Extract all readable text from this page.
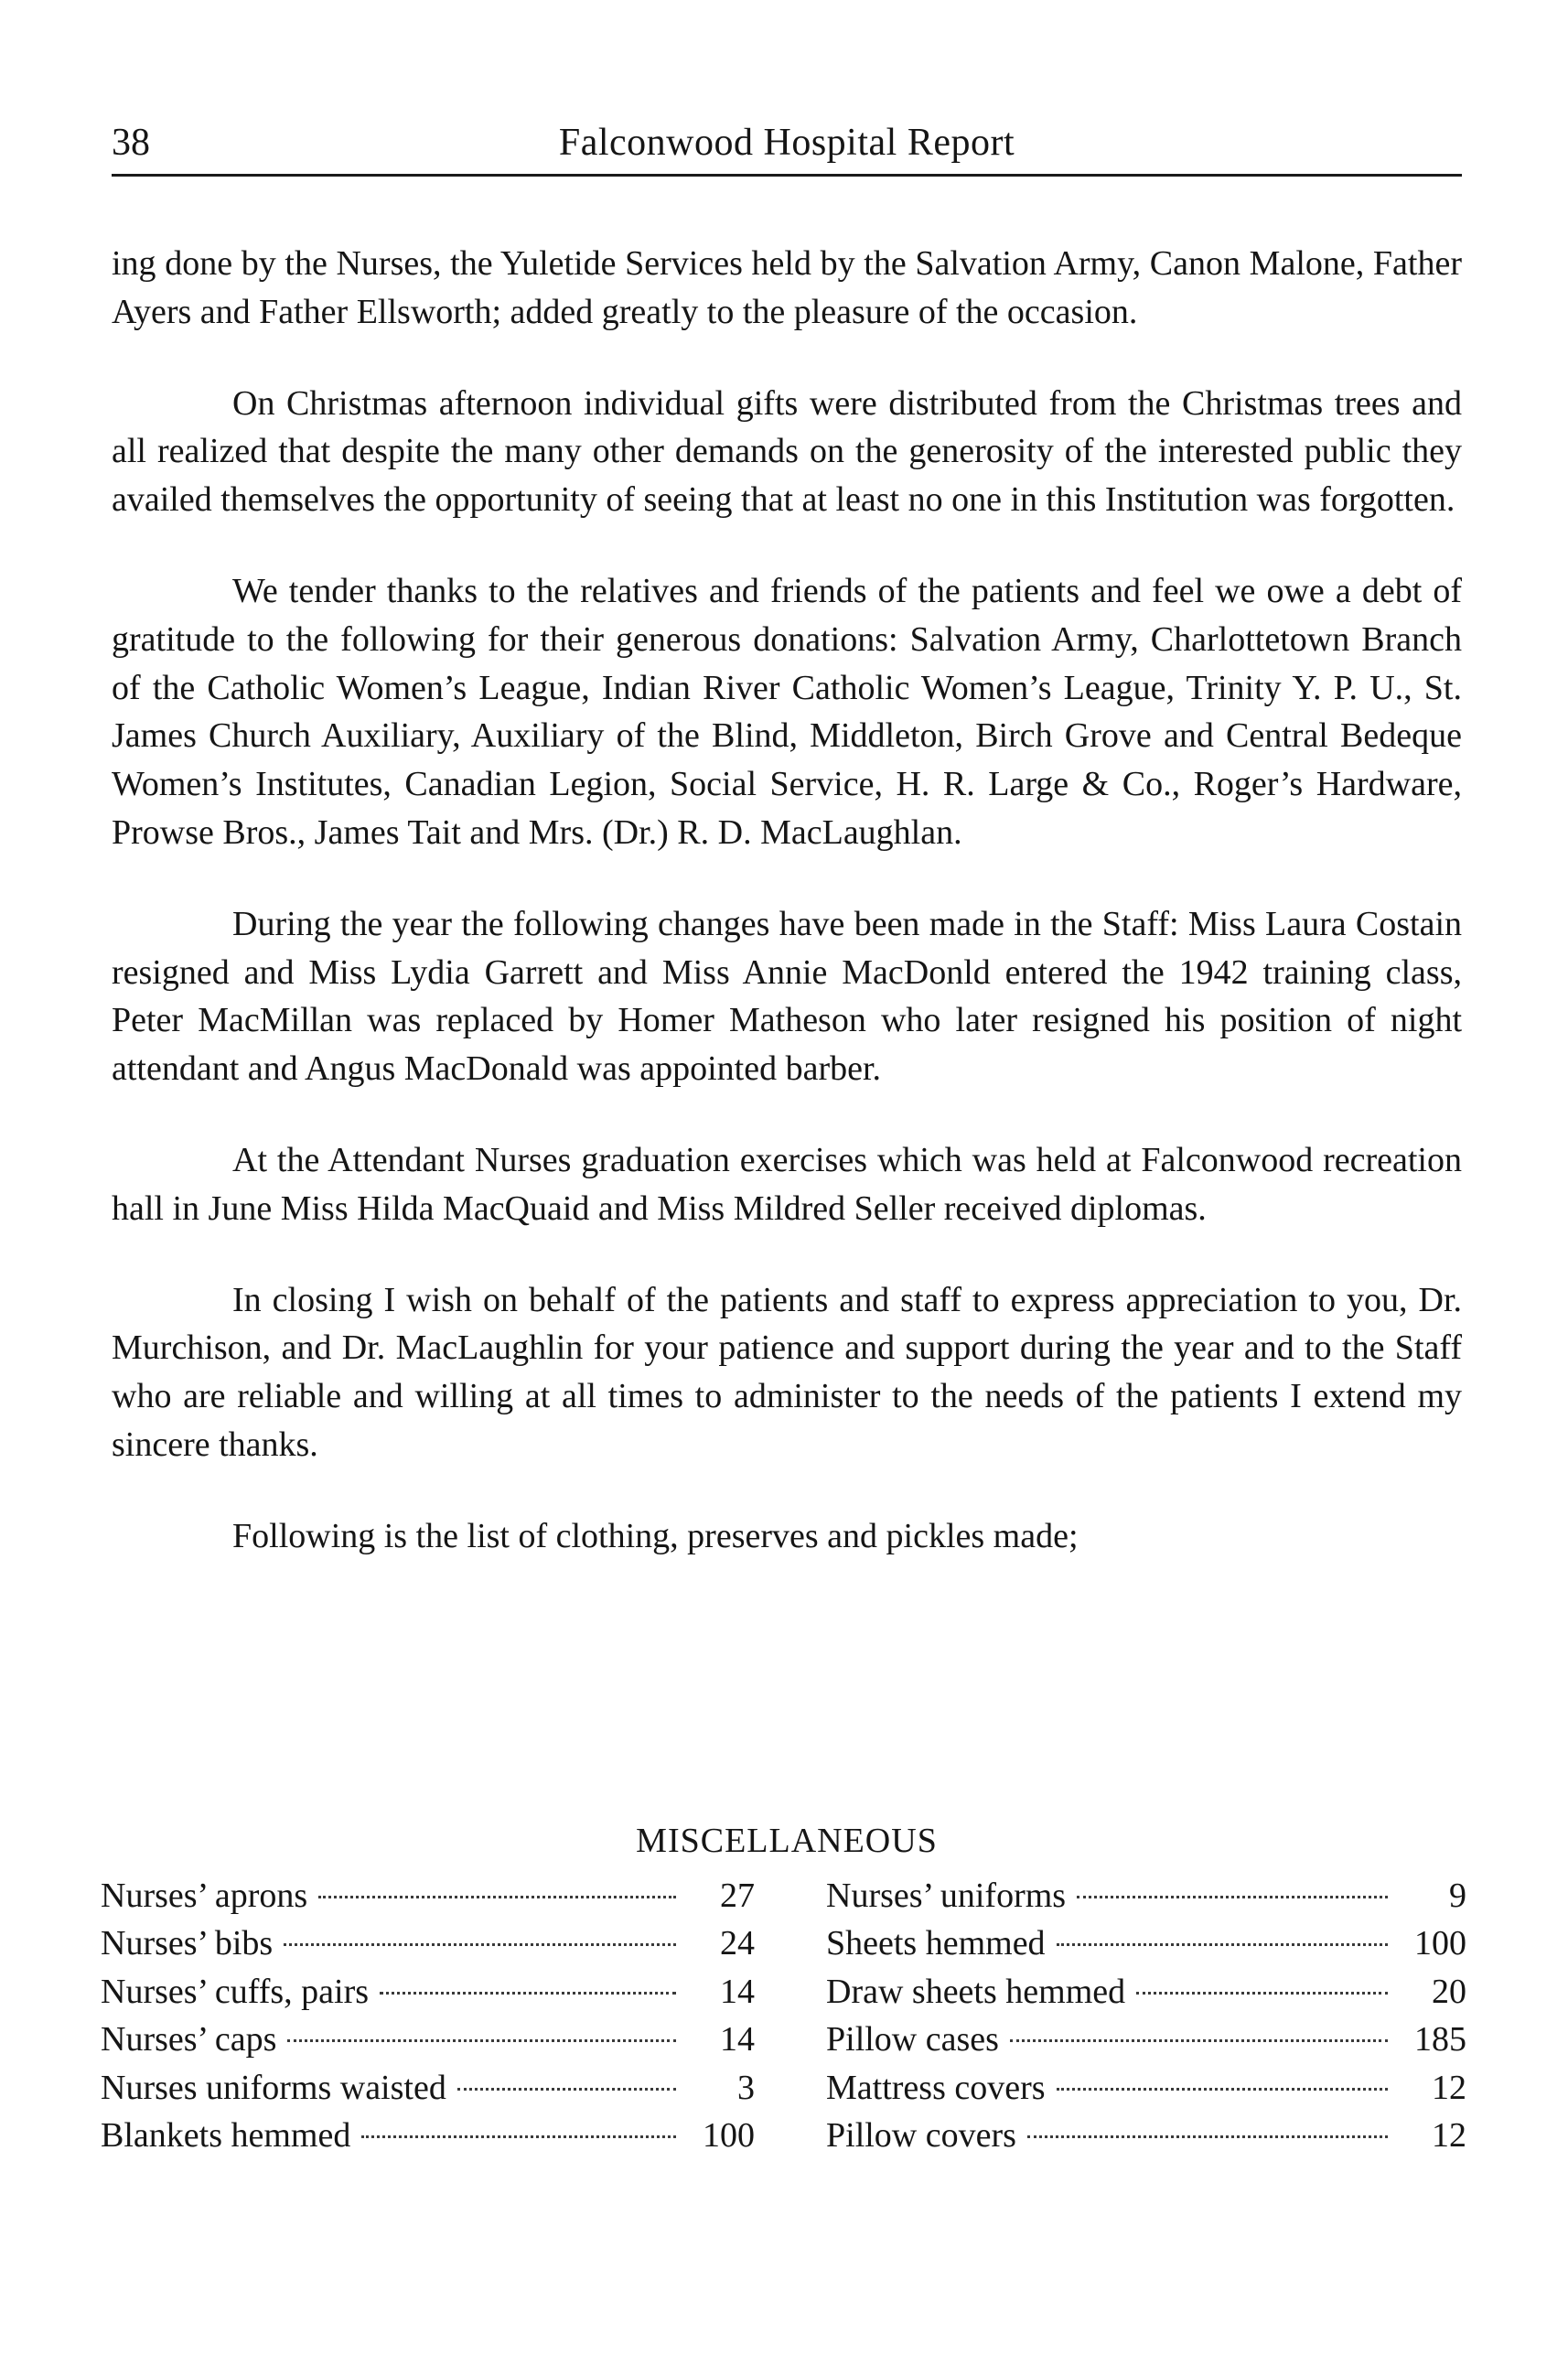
38	Falconwood Hospital Report

ing done by the Nurses, the Yuletide Services held by the Salvation Army, Canon Malone, Father Ayers and Father Ellsworth; added greatly to the pleasure of the occasion.

On Christmas afternoon individual gifts were distributed from the Christmas trees and all realized that despite the many other demands on the generosity of the interested public they availed themselves the opportunity of seeing that at least no one in this Institution was forgotten.

We tender thanks to the relatives and friends of the patients and feel we owe a debt of gratitude to the following for their generous donations: Salvation Army, Charlottetown Branch of the Catholic Women’s League, Indian River Catholic Women’s League, Trinity Y. P. U., St. James Church Auxiliary, Auxiliary of the Blind, Middleton, Birch Grove and Central Bedeque Women’s Institutes, Canadian Legion, Social Service, H. R. Large & Co., Roger’s Hardware, Prowse Bros., James Tait and Mrs. (Dr.) R. D. MacLaughlan.

During the year the following changes have been made in the Staff: Miss Laura Costain resigned and Miss Lydia Garrett and Miss Annie MacDonld entered the 1942 training class, Peter MacMillan was replaced by Homer Matheson who later resigned his position of night attendant and Angus MacDonald was appointed barber.

At the Attendant Nurses graduation exercises which was held at Falconwood recreation hall in June Miss Hilda MacQuaid and Miss Mildred Seller received diplomas.

In closing I wish on behalf of the patients and staff to express appreciation to you, Dr. Murchison, and Dr. MacLaughlin for your patience and support during the year and to the Staff who are reliable and willing at all times to administer to the needs of the patients I extend my sincere thanks.

Following is the list of clothing, preserves and pickles made;

MISCELLANEOUS
Nurses’ aprons	27
Nurses’ bibs	24
Nurses’ cuffs, pairs	14
Nurses’ caps	14
Nurses uniforms waisted	3
Blankets hemmed	100
Nurses’ uniforms	9
Sheets hemmed	100
Draw sheets hemmed	20
Pillow cases	185
Mattress covers	12
Pillow covers	12
